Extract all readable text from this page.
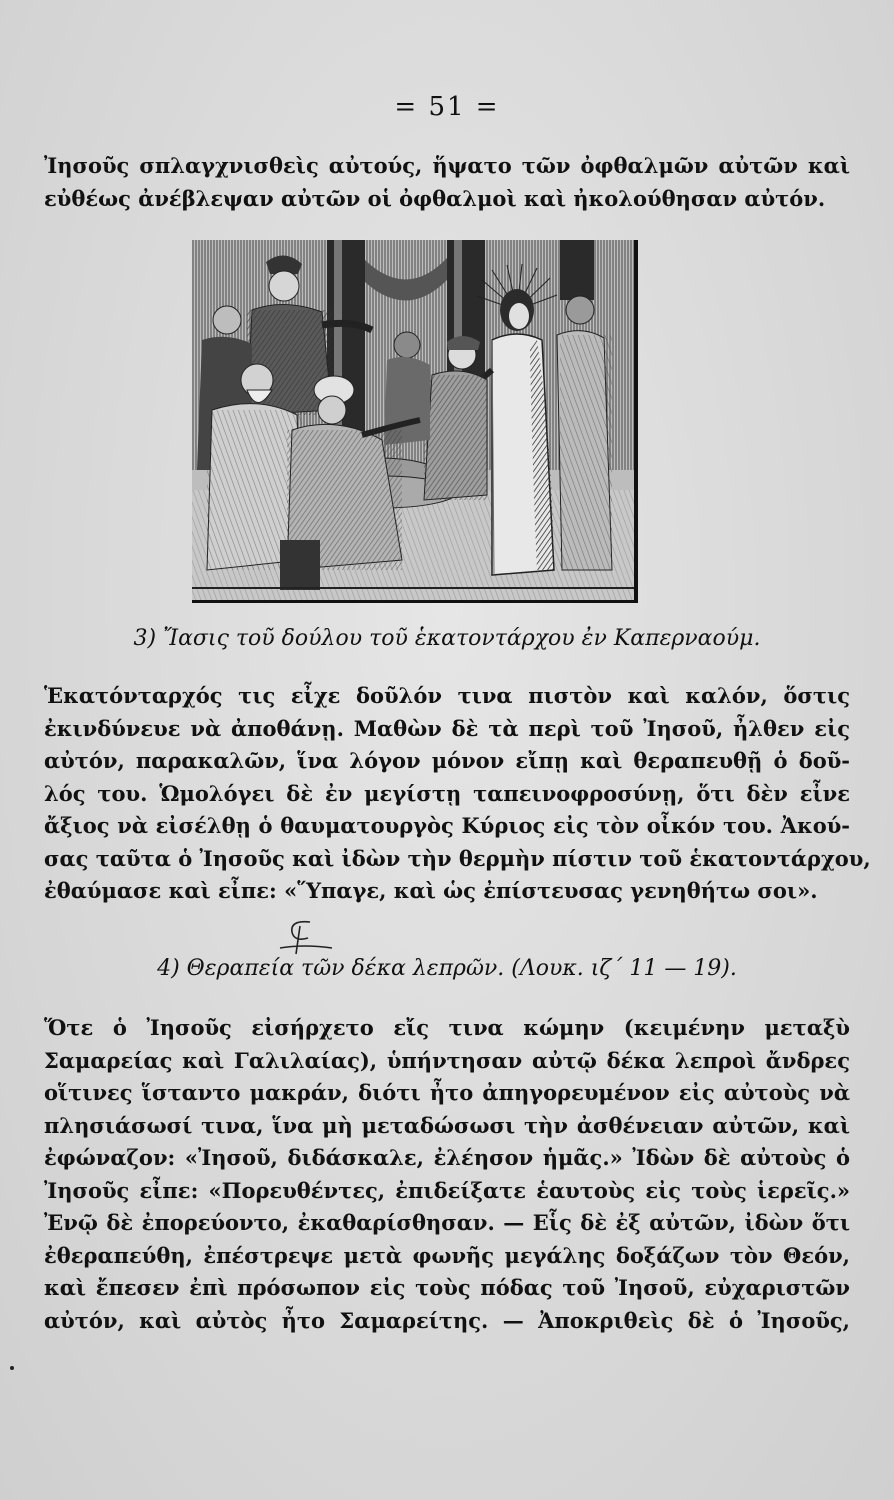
= 51 =
Ἰησοῦς σπλαγχνισθεὶς αὐτούς, ἥψατο τῶν ὀφθαλμῶν αὐτῶν καὶ
εὐθέως ἀνέβλεψαν αὐτῶν οἱ ὀφθαλμοὶ καὶ ἠκολούθησαν αὐτόν.
3) Ἴασις τοῦ δούλου τοῦ ἑκατοντάρχου ἐν Καπερναούμ.
Ἑκατόνταρχός τις εἶχε δοῦλόν τινα πιστὸν καὶ καλόν, ὅστις
ἐκινδύνευε νὰ ἀποθάνῃ. Μαθὼν δὲ τὰ περὶ τοῦ Ἰησοῦ, ἦλθεν εἰς
αὐτόν, παρακαλῶν, ἵνα λόγον μόνον εἴπῃ καὶ θεραπευθῇ ὁ δοῦ-
λός του. Ὡμολόγει δὲ ἐν μεγίστῃ ταπεινοφροσύνῃ, ὅτι δὲν εἶνε
ἄξιος νὰ εἰσέλθῃ ὁ θαυματουργὸς Κύριος εἰς τὸν οἶκόν του. Ἀκού-
σας ταῦτα ὁ Ἰησοῦς καὶ ἰδὼν τὴν θερμὴν πίστιν τοῦ ἑκατοντάρχου,
ἐθαύμασε καὶ εἶπε: «Ὕπαγε, καὶ ὡς ἐπίστευσας γενηθήτω σοι».
4) Θεραπεία τῶν δέκα λεπρῶν. (Λουκ. ιζ΄ 11 — 19).
Ὅτε ὁ Ἰησοῦς εἰσήρχετο εἴς τινα κώμην (κειμένην μεταξὺ
Σαμαρείας καὶ Γαλιλαίας), ὑπήντησαν αὐτῷ δέκα λεπροὶ ἄνδρες
οἵτινες ἵσταντο μακράν, διότι ἦτο ἀπηγορευμένον εἰς αὐτοὺς νὰ
πλησιάσωσί τινα, ἵνα μὴ μεταδώσωσι τὴν ἀσθένειαν αὐτῶν, καὶ
ἐφώναζον: «Ἰησοῦ, διδάσκαλε, ἐλέησον ἡμᾶς.» Ἰδὼν δὲ αὐτοὺς ὁ
Ἰησοῦς εἶπε: «Πορευθέντες, ἐπιδείξατε ἑαυτοὺς εἰς τοὺς ἱερεῖς.»
Ἐνῷ δὲ ἐπορεύοντο, ἐκαθαρίσθησαν. — Εἷς δὲ ἐξ αὐτῶν, ἰδὼν ὅτι
ἐθεραπεύθη, ἐπέστρεψε μετὰ φωνῆς μεγάλης δοξάζων τὸν Θεόν,
καὶ ἔπεσεν ἐπὶ πρόσωπον εἰς τοὺς πόδας τοῦ Ἰησοῦ, εὐχαριστῶν
αὐτόν, καὶ αὐτὸς ἦτο Σαμαρείτης. — Ἀποκριθεὶς δὲ ὁ Ἰησοῦς,
